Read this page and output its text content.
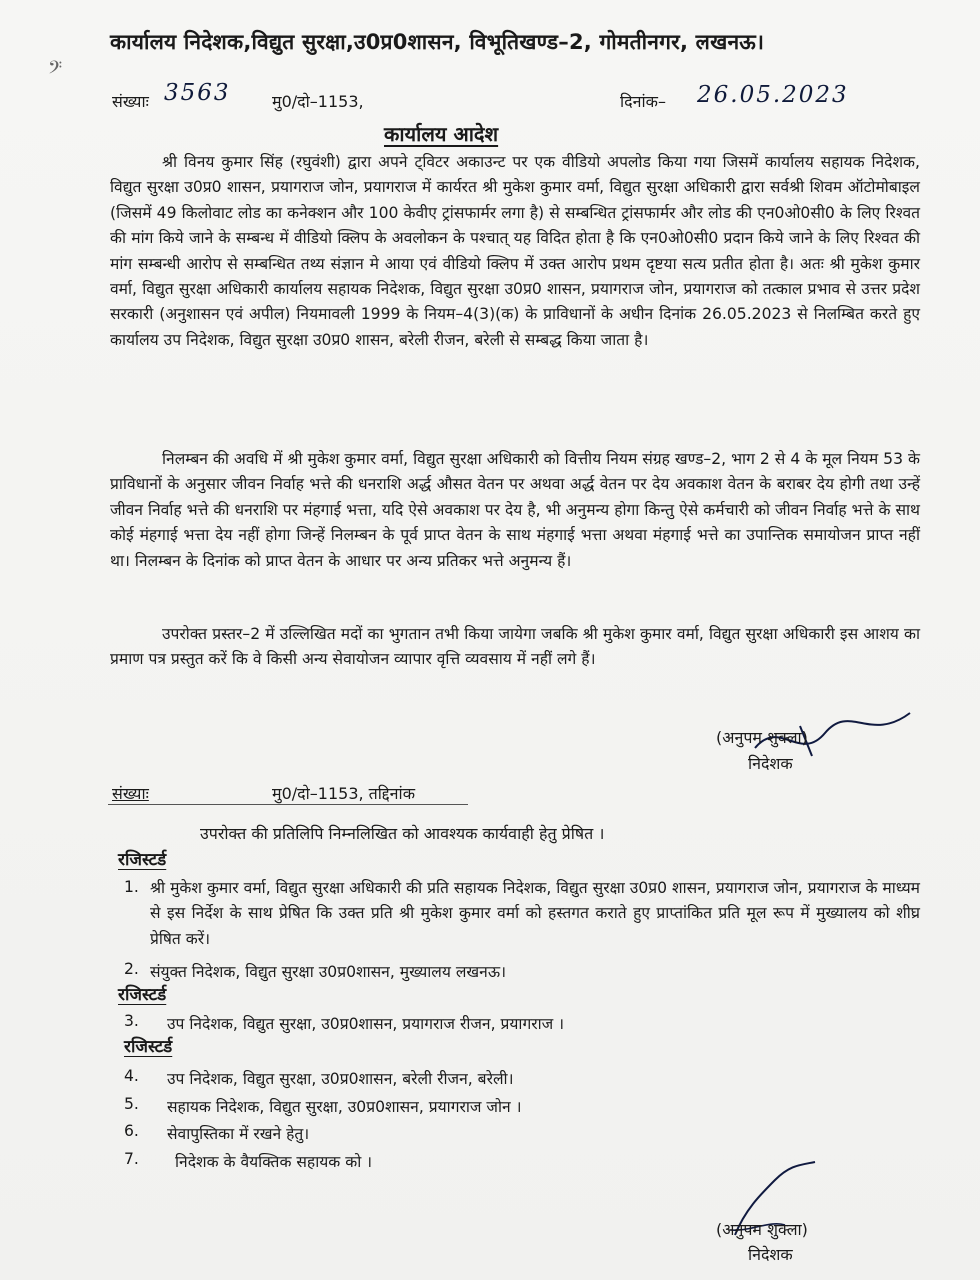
कार्यालय निदेशक,विद्युत सुरक्षा,उ0प्र0शासन, विभूतिखण्ड–2, गोमतीनगर, लखनऊ।
𝄢
संख्याः 3563	मु0/दो–1153,	दिनांक– 26.05.2023
कार्यालय आदेश
श्री विनय कुमार सिंह (रघुवंशी) द्वारा अपने ट्विटर अकाउन्ट पर एक वीडियो अपलोड किया गया जिसमें कार्यालय सहायक निदेशक, विद्युत सुरक्षा उ0प्र0 शासन, प्रयागराज जोन, प्रयागराज में कार्यरत श्री मुकेश कुमार वर्मा, विद्युत सुरक्षा अधिकारी द्वारा सर्वश्री शिवम ऑटोमोबाइल (जिसमें 49 किलोवाट लोड का कनेक्शन और 100 केवीए ट्रांसफार्मर लगा है) से सम्बन्धित ट्रांसफार्मर और लोड की एन0ओ0सी0 के लिए रिश्वत की मांग किये जाने के सम्बन्ध में वीडियो क्लिप के अवलोकन के पश्चात् यह विदित होता है कि एन0ओ0सी0 प्रदान किये जाने के लिए रिश्वत की मांग सम्बन्धी आरोप से सम्बन्धित तथ्य संज्ञान मे आया एवं वीडियो क्लिप में उक्त आरोप प्रथम दृष्टया सत्य प्रतीत होता है। अतः श्री मुकेश कुमार वर्मा, विद्युत सुरक्षा अधिकारी कार्यालय सहायक निदेशक, विद्युत सुरक्षा उ0प्र0 शासन, प्रयागराज जोन, प्रयागराज को तत्काल प्रभाव से उत्तर प्रदेश सरकारी (अनुशासन एवं अपील) नियमावली 1999 के नियम–4(3)(क) के प्राविधानों के अधीन दिनांक 26.05.2023 से निलम्बित करते हुए कार्यालय उप निदेशक, विद्युत सुरक्षा उ0प्र0 शासन, बरेली रीजन, बरेली से सम्बद्ध किया जाता है।
निलम्बन की अवधि में श्री मुकेश कुमार वर्मा, विद्युत सुरक्षा अधिकारी को वित्तीय नियम संग्रह खण्ड–2, भाग 2 से 4 के मूल नियम 53 के प्राविधानों के अनुसार जीवन निर्वाह भत्ते की धनराशि अर्द्ध औसत वेतन पर अथवा अर्द्ध वेतन पर देय अवकाश वेतन के बराबर देय होगी तथा उन्हें जीवन निर्वाह भत्ते की धनराशि पर मंहगाई भत्ता, यदि ऐसे अवकाश पर देय है, भी अनुमन्य होगा किन्तु ऐसे कर्मचारी को जीवन निर्वाह भत्ते के साथ कोई मंहगाई भत्ता देय नहीं होगा जिन्हें निलम्बन के पूर्व प्राप्त वेतन के साथ मंहगाई भत्ता अथवा मंहगाई भत्ते का उपान्तिक समायोजन प्राप्त नहीं था। निलम्बन के दिनांक को प्राप्त वेतन के आधार पर अन्य प्रतिकर भत्ते अनुमन्य हैं।
उपरोक्त प्रस्तर–2 में उल्लिखित मदों का भुगतान तभी किया जायेगा जबकि श्री मुकेश कुमार वर्मा, विद्युत सुरक्षा अधिकारी इस आशय का प्रमाण पत्र प्रस्तुत करें कि वे किसी अन्य सेवायोजन व्यापार वृत्ति व्यवसाय में नहीं लगे हैं।
(अनुपम शुक्ला)
निदेशक
संख्याः	मु0/दो–1153, तद्दिनांक
उपरोक्त की प्रतिलिपि निम्नलिखित को आवश्यक कार्यवाही हेतु प्रेषित ।
रजिस्टर्ड
1. श्री मुकेश कुमार वर्मा, विद्युत सुरक्षा अधिकारी की प्रति सहायक निदेशक, विद्युत सुरक्षा उ0प्र0 शासन, प्रयागराज जोन, प्रयागराज के माध्यम से इस निर्देश के साथ प्रेषित कि उक्त प्रति श्री मुकेश कुमार वर्मा को हस्तगत कराते हुए प्राप्तांकित प्रति मूल रूप में मुख्यालय को शीघ्र प्रेषित करें।
2. संयुक्त निदेशक, विद्युत सुरक्षा उ0प्र0शासन, मुख्यालय लखनऊ।
रजिस्टर्ड
3. उप निदेशक, विद्युत सुरक्षा, उ0प्र0शासन, प्रयागराज रीजन, प्रयागराज ।
रजिस्टर्ड
4. उप निदेशक, विद्युत सुरक्षा, उ0प्र0शासन, बरेली रीजन, बरेली।
5. सहायक निदेशक, विद्युत सुरक्षा, उ0प्र0शासन, प्रयागराज जोन ।
6. सेवापुस्तिका में रखने हेतु।
7. निदेशक के वैयक्तिक सहायक को ।
(अनुपम शुक्ला)
निदेशक
